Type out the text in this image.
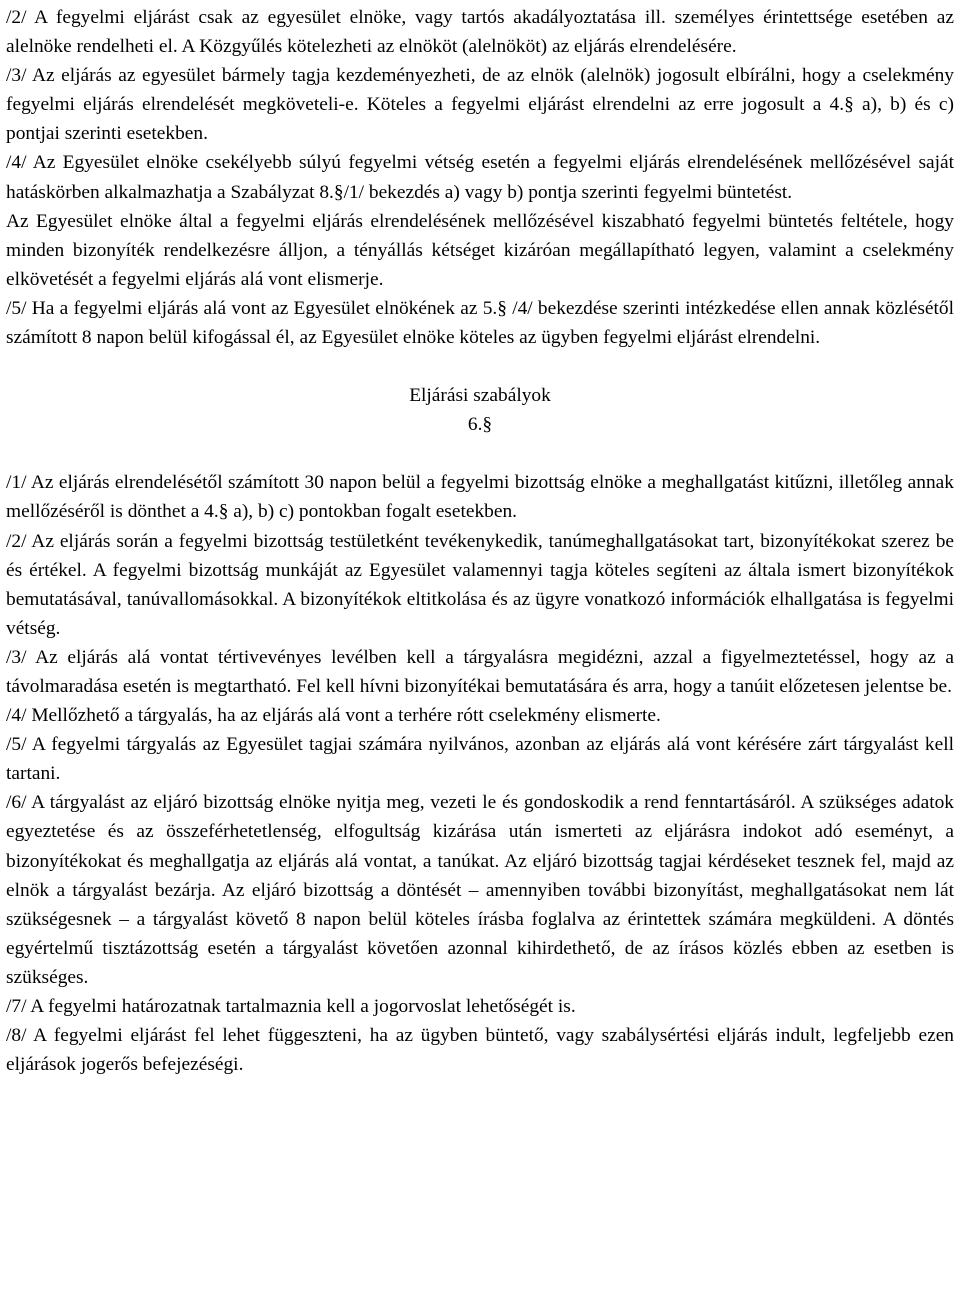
/2/ A fegyelmi eljárást csak az egyesület elnöke, vagy tartós akadályoztatása ill. személyes érintettsége esetében az alelnöke rendelheti el. A Közgyűlés kötelezheti az elnököt (alelnököt) az eljárás elrendelésére.

/3/ Az eljárás az egyesület bármely tagja kezdeményezheti, de az elnök (alelnök) jogosult elbírálni, hogy a cselekmény fegyelmi eljárás elrendelését megköveteli-e. Köteles a fegyelmi eljárást elrendelni az erre jogosult a 4.§ a), b) és c) pontjai szerinti esetekben.

/4/ Az Egyesület elnöke csekélyebb súlyú fegyelmi vétség esetén a fegyelmi eljárás elrendelésének mellőzésével saját hatáskörben alkalmazhatja a Szabályzat 8.§/1/ bekezdés a) vagy b) pontja szerinti fegyelmi büntetést.

Az Egyesület elnöke által a fegyelmi eljárás elrendelésének mellőzésével kiszabható fegyelmi büntetés feltétele, hogy minden bizonyíték rendelkezésre álljon, a tényállás kétséget kizáróan megállapítható legyen, valamint a cselekmény elkövetését a fegyelmi eljárás alá vont elismerje.

/5/ Ha a fegyelmi eljárás alá vont az Egyesület elnökének az 5.§ /4/ bekezdése szerinti intézkedése ellen annak közlésétől számított 8 napon belül kifogással él, az Egyesület elnöke köteles az ügyben fegyelmi eljárást elrendelni.

Eljárási szabályok
6.§

/1/ Az eljárás elrendelésétől számított 30 napon belül a fegyelmi bizottság elnöke a meghallgatást kitűzni, illetőleg annak mellőzéséről is dönthet a 4.§ a), b) c) pontokban fogalt esetekben.

/2/ Az eljárás során a fegyelmi bizottság testületként tevékenykedik, tanúmeghallgatásokat tart, bizonyítékokat szerez be és értékel. A fegyelmi bizottság munkáját az Egyesület valamennyi tagja köteles segíteni az általa ismert bizonyítékok bemutatásával, tanúvallomásokkal. A bizonyítékok eltitkolása és az ügyre vonatkozó információk elhallgatása is fegyelmi vétség.

/3/ Az eljárás alá vontat tértivevényes levélben kell a tárgyalásra megidézni, azzal a figyelmeztetéssel, hogy az a távolmaradása esetén is megtartható. Fel kell hívni bizonyítékai bemutatására és arra, hogy a tanúit előzetesen jelentse be.

/4/ Mellőzhető a tárgyalás, ha az eljárás alá vont a terhére rótt cselekmény elismerte.

/5/ A fegyelmi tárgyalás az Egyesület tagjai számára nyilvános, azonban az eljárás alá vont kérésére zárt tárgyalást kell tartani.

/6/ A tárgyalást az eljáró bizottság elnöke nyitja meg, vezeti le és gondoskodik a rend fenntartásáról. A szükséges adatok egyeztetése és az összeférhetetlenség, elfogultság kizárása után ismerteti az eljárásra indokot adó eseményt, a bizonyítékokat és meghallgatja az eljárás alá vontat, a tanúkat. Az eljáró bizottság tagjai kérdéseket tesznek fel, majd az elnök a tárgyalást bezárja. Az eljáró bizottság a döntését – amennyiben további bizonyítást, meghallgatásokat nem lát szükségesnek – a tárgyalást követő 8 napon belül köteles írásba foglalva az érintettek számára megküldeni. A döntés egyértelmű tisztázottság esetén a tárgyalást követően azonnal kihirdethető, de az írásos közlés ebben az esetben is szükséges.

/7/ A fegyelmi határozatnak tartalmaznia kell a jogorvoslat lehetőségét is.

/8/ A fegyelmi eljárást fel lehet függeszteni, ha az ügyben büntető, vagy szabálysértési eljárás indult, legfeljebb ezen eljárások jogerős befejezéségi.
